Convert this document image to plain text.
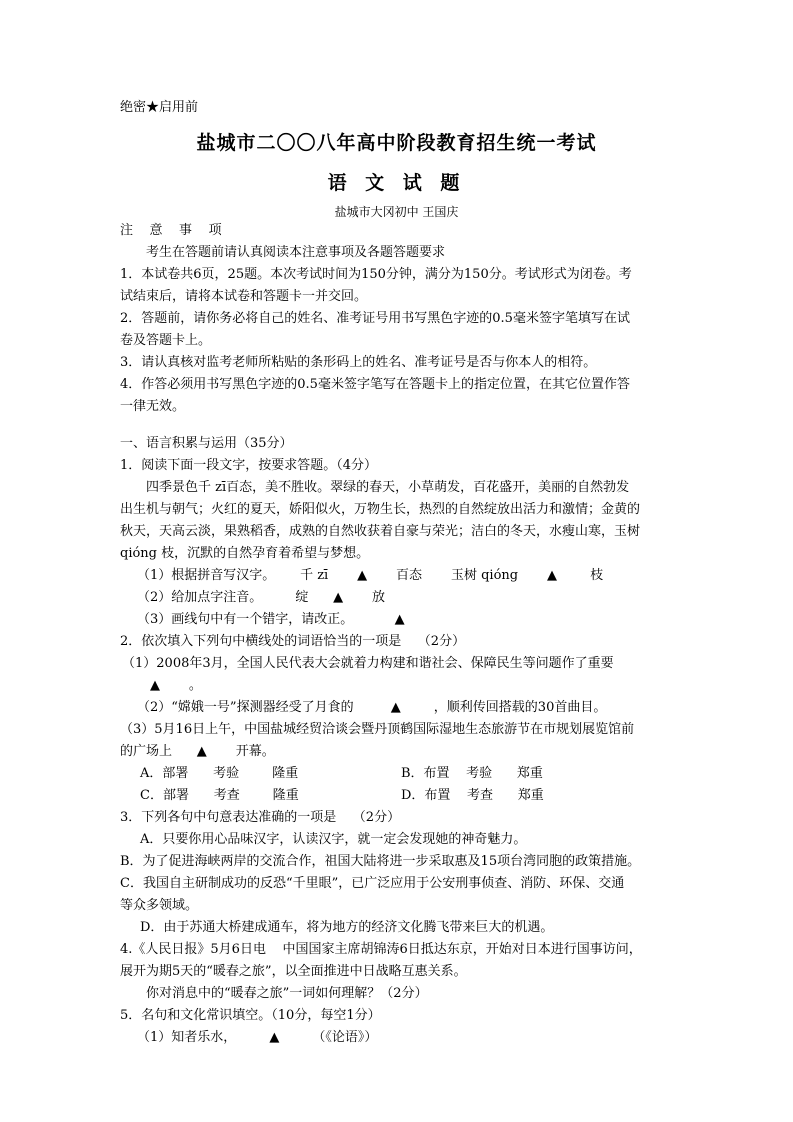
绝密★启用前
盐城市二〇〇八年高中阶段教育招生统一考试
语 文 试 题
盐城市大冈初中 王国庆
注    意    事    项
考生在答题前请认真阅读本注意事项及各题答题要求
1．本试卷共6页，25题。本次考试时间为150分钟，满分为150分。考试形式为闭卷。考
试结束后，请将本试卷和答题卡一并交回。
2．答题前，请你务必将自己的姓名、准考证号用书写黑色字迹的0.5毫米签字笔填写在试
卷及答题卡上。
3．请认真核对监考老师所粘贴的条形码上的姓名、准考证号是否与你本人的相符。
4．作答必须用书写黑色字迹的0.5毫米签字笔写在答题卡上的指定位置，在其它位置作答
一律无效。
一、语言积累与运用（35分）
1．阅读下面一段文字，按要求答题。（4分）
四季景色千 zī百态，美不胜收。翠绿的春天，小草萌发，百花盛开，美丽的自然勃发
出生机与朝气；火红的夏天，娇阳似火，万物生长，热烈的自然绽放出活力和激情；金黄的
秋天，天高云淡，果熟稻香，成熟的自然收获着自豪与荣光；洁白的冬天，水瘦山寒，玉树
qióng 枝，沉默的自然孕育着希望与梦想。
（1）根据拼音写汉字。      千 zī       ▲       百态       玉树 qióng       ▲        枝
（2）给加点字注音。        绽      ▲       放
（3）画线句中有一个错字，请改正。          ▲
2．依次填入下列句中横线处的词语恰当的一项是    （2分）
（1）2008年3月，全国人民代表大会就着力构建和谐社会、保障民生等问题作了重要
▲       。
（2）“嫦娥一号”探测器经受了月食的         ▲        ，顺利传回搭载的30首曲目。
（3）5月16日上午，中国盐城经贸洽谈会暨丹顶鹤国际湿地生态旅游节在市规划展览馆前
的广场上      ▲       开幕。
A．部署      考验        隆重	B．布置    考验      郑重
C．部署      考查        隆重	D．布置    考查      郑重
3．下列各句中句意表达准确的一项是    （2分）
A．只要你用心品味汉字，认读汉字，就一定会发现她的神奇魅力。
B．为了促进海峡两岸的交流合作，祖国大陆将进一步采取惠及15项台湾同胞的政策措施。
C．我国自主研制成功的反恐“千里眼”，已广泛应用于公安刑事侦查、消防、环保、交通
等众多领域。
D．由于苏通大桥建成通车，将为地方的经济文化腾飞带来巨大的机遇。
4.《人民日报》5月6日电    中国国家主席胡锦涛6日抵达东京，开始对日本进行国事访问，
展开为期5天的“暖春之旅”，以全面推进中日战略互惠关系。
你对消息中的“暖春之旅”一词如何理解？（2分）
5．名句和文化常识填空。（10分，每空1分）
（1）知者乐水，        ▲        （《论语》）
